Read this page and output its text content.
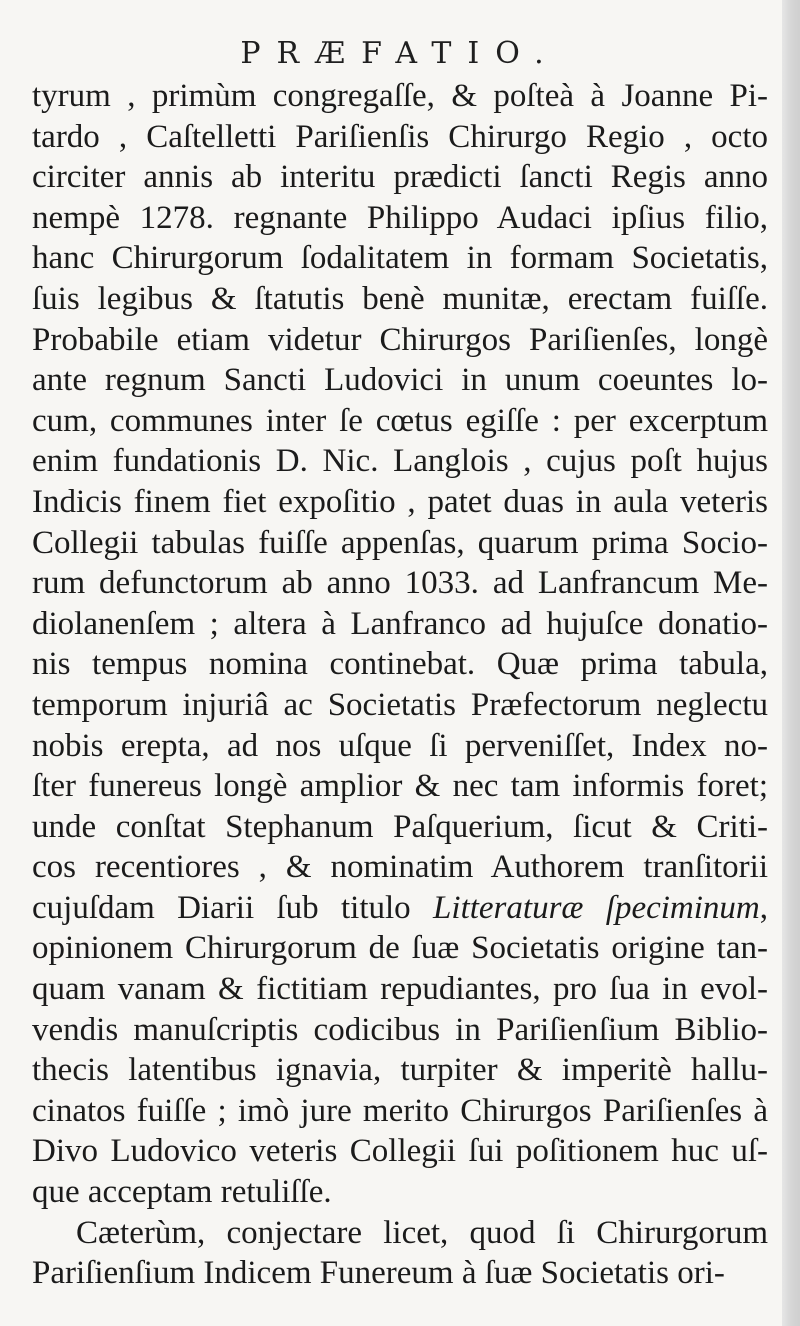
PRÆFATIO.
tyrum , primùm congregaſſe, & poſteà à Joanne Pi-
tardo , Caſtelletti Pariſienſis Chirurgo Regio , octo
circiter annis ab interitu prædicti ſancti Regis anno
nempè 1278. regnante Philippo Audaci ipſius filio,
hanc Chirurgorum ſodalitatem in formam Societatis,
ſuis legibus & ſtatutis benè munitæ, erectam fuiſſe.
Probabile etiam videtur Chirurgos Pariſienſes, longè
ante regnum Sancti Ludovici in unum coeuntes lo-
cum, communes inter ſe cœtus egiſſe : per excerptum
enim fundationis D. Nic. Langlois , cujus poſt hujus
Indicis finem fiet expoſitio , patet duas in aula veteris
Collegii tabulas fuiſſe appenſas, quarum prima Socio-
rum defunctorum ab anno 1033. ad Lanfrancum Me-
diolanenſem ; altera à Lanfranco ad hujuſce donatio-
nis tempus nomina continebat. Quæ prima tabula,
temporum injuriâ ac Societatis Præfectorum neglectu
nobis erepta, ad nos uſque ſi perveniſſet, Index no-
ſter funereus longè amplior & nec tam informis foret;
unde conſtat Stephanum Paſquerium, ſicut & Criti-
cos recentiores , & nominatim Authorem tranſitorii
cujuſdam Diarii ſub titulo Litteraturæ ſpeciminum,
opinionem Chirurgorum de ſuæ Societatis origine tan-
quam vanam & fictitiam repudiantes, pro ſua in evol-
vendis manuſcriptis codicibus in Pariſienſium Biblio-
thecis latentibus ignavia, turpiter & imperitè hallu-
cinatos fuiſſe ; imò jure merito Chirurgos Pariſienſes à
Divo Ludovico veteris Collegii ſui poſitionem huc uſ-
que acceptam retuliſſe.
Cæterùm, conjectare licet, quod ſi Chirurgorum
Pariſienſium Indicem Funereum à ſuæ Societatis ori-
